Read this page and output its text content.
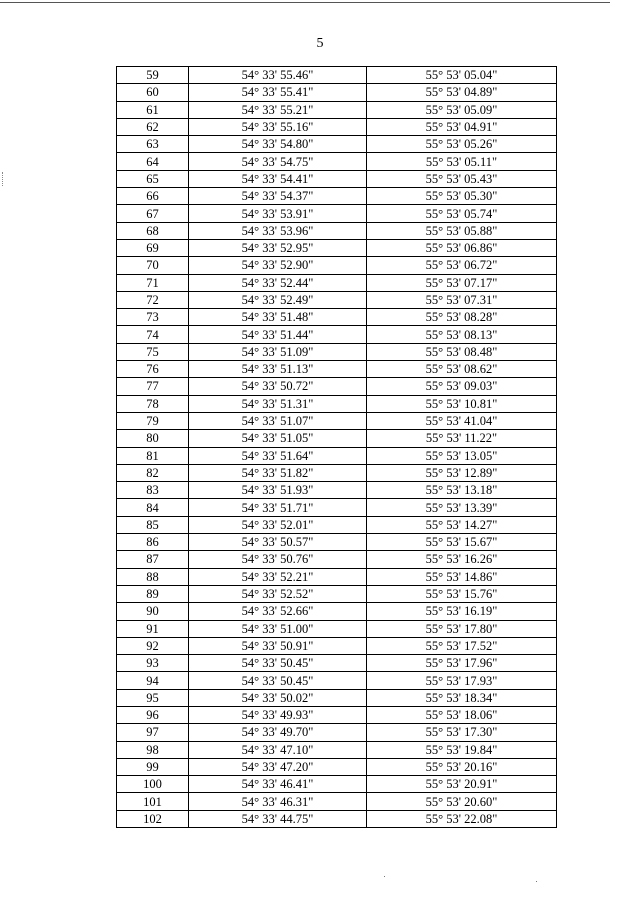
5
59	54° 33' 55.46"	55° 53' 05.04"
60	54° 33' 55.41"	55° 53' 04.89"
61	54° 33' 55.21"	55° 53' 05.09"
62	54° 33' 55.16"	55° 53' 04.91"
63	54° 33' 54.80"	55° 53' 05.26"
64	54° 33' 54.75"	55° 53' 05.11"
65	54° 33' 54.41"	55° 53' 05.43"
66	54° 33' 54.37"	55° 53' 05.30"
67	54° 33' 53.91"	55° 53' 05.74"
68	54° 33' 53.96"	55° 53' 05.88"
69	54° 33' 52.95"	55° 53' 06.86"
70	54° 33' 52.90"	55° 53' 06.72"
71	54° 33' 52.44"	55° 53' 07.17"
72	54° 33' 52.49"	55° 53' 07.31"
73	54° 33' 51.48"	55° 53' 08.28"
74	54° 33' 51.44"	55° 53' 08.13"
75	54° 33' 51.09"	55° 53' 08.48"
76	54° 33' 51.13"	55° 53' 08.62"
77	54° 33' 50.72"	55° 53' 09.03"
78	54° 33' 51.31"	55° 53' 10.81"
79	54° 33' 51.07"	55° 53' 41.04"
80	54° 33' 51.05"	55° 53' 11.22"
81	54° 33' 51.64"	55° 53' 13.05"
82	54° 33' 51.82"	55° 53' 12.89"
83	54° 33' 51.93"	55° 53' 13.18"
84	54° 33' 51.71"	55° 53' 13.39"
85	54° 33' 52.01"	55° 53' 14.27"
86	54° 33' 50.57"	55° 53' 15.67"
87	54° 33' 50.76"	55° 53' 16.26"
88	54° 33' 52.21"	55° 53' 14.86"
89	54° 33' 52.52"	55° 53' 15.76"
90	54° 33' 52.66"	55° 53' 16.19"
91	54° 33' 51.00"	55° 53' 17.80"
92	54° 33' 50.91"	55° 53' 17.52"
93	54° 33' 50.45"	55° 53' 17.96"
94	54° 33' 50.45"	55° 53' 17.93"
95	54° 33' 50.02"	55° 53' 18.34"
96	54° 33' 49.93"	55° 53' 18.06"
97	54° 33' 49.70"	55° 53' 17.30"
98	54° 33' 47.10"	55° 53' 19.84"
99	54° 33' 47.20"	55° 53' 20.16"
100	54° 33' 46.41"	55° 53' 20.91"
101	54° 33' 46.31"	55° 53' 20.60"
102	54° 33' 44.75"	55° 53' 22.08"
